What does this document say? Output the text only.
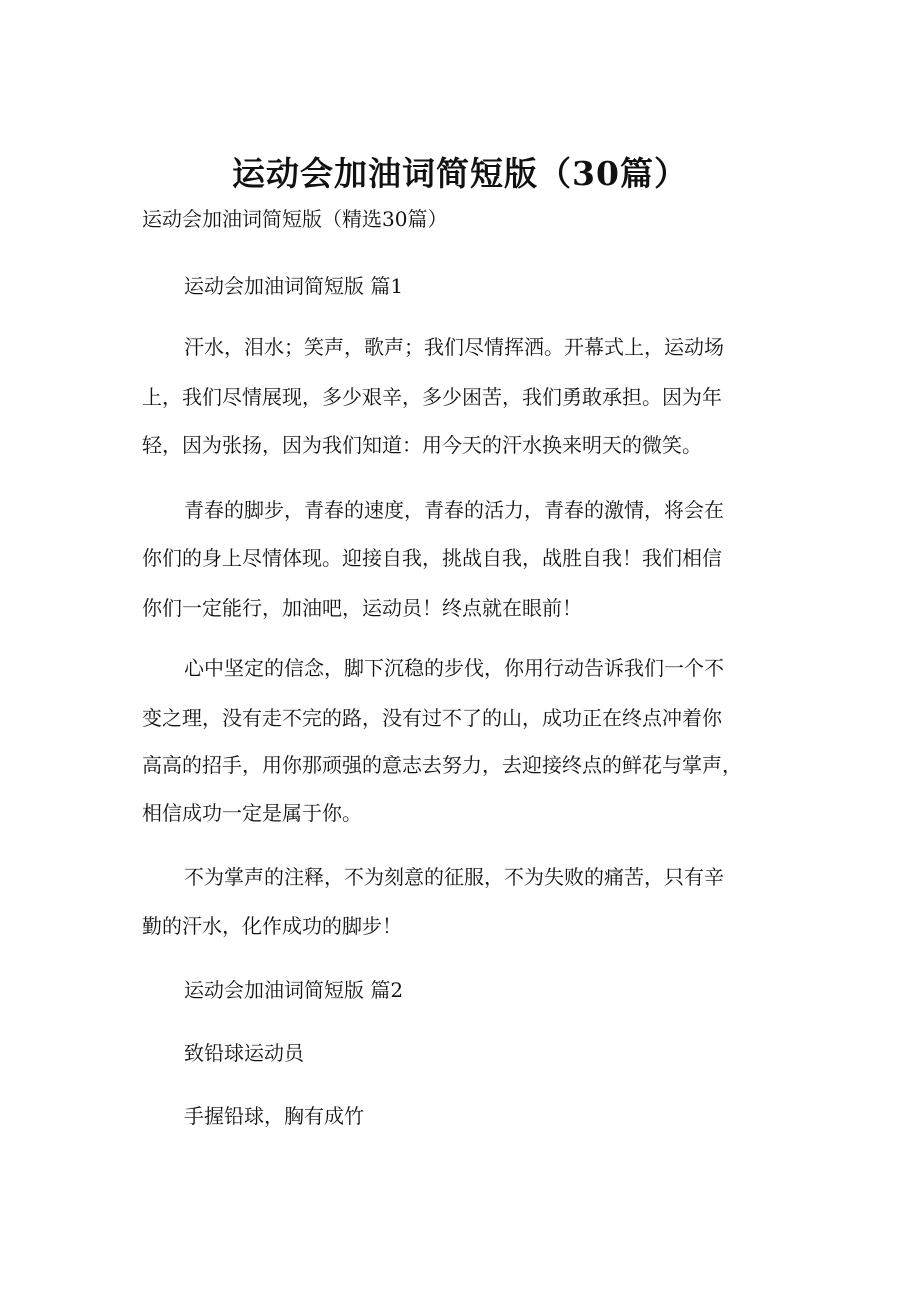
运动会加油词简短版（30篇）

运动会加油词简短版（精选30篇）

运动会加油词简短版 篇1

汗水，泪水；笑声，歌声；我们尽情挥洒。开幕式上，运动场

上，我们尽情展现，多少艰辛，多少困苦，我们勇敢承担。因为年

轻，因为张扬，因为我们知道：用今天的汗水换来明天的微笑。

青春的脚步，青春的速度，青春的活力，青春的激情，将会在

你们的身上尽情体现。迎接自我，挑战自我，战胜自我！我们相信

你们一定能行，加油吧，运动员！终点就在眼前！

心中坚定的信念，脚下沉稳的步伐，你用行动告诉我们一个不

变之理，没有走不完的路，没有过不了的山，成功正在终点冲着你

高高的招手，用你那顽强的意志去努力，去迎接终点的鲜花与掌声，

相信成功一定是属于你。

不为掌声的注释，不为刻意的征服，不为失败的痛苦，只有辛

勤的汗水，化作成功的脚步！

运动会加油词简短版 篇2

致铅球运动员

手握铅球，胸有成竹
